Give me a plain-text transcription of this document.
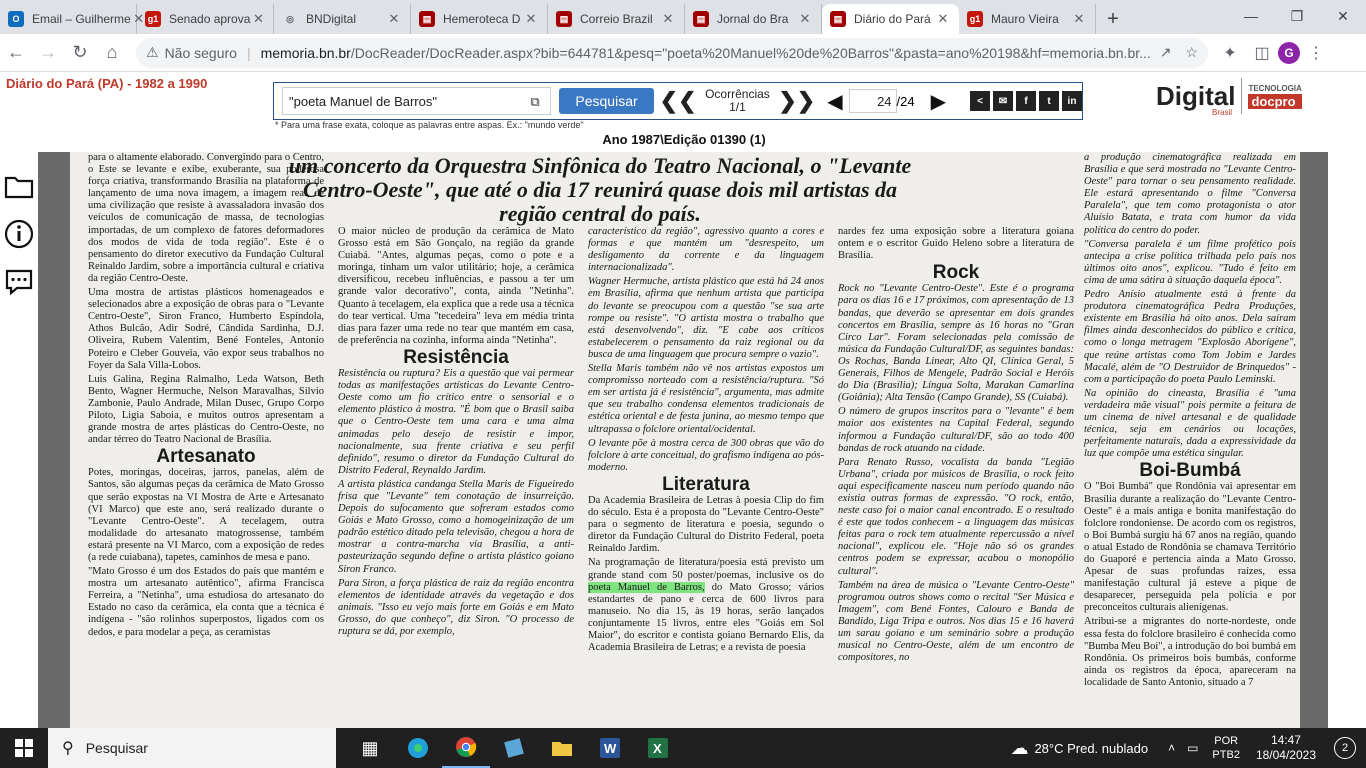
O	Email – Guilherme ✕ g1 Senado aprova ✕	◎	BNDigital	✕	▤ Hemeroteca D ✕	▤ Correio Brazil ✕	▤ Jornal do Bra ✕	▤ Diário do Pará ✕	g1 Mauro Vieira	✕	+	—	❐	✕
← → ↻	⌂	⚠ Não seguro | memoria.bn.br/DocReader/DocReader.aspx?bib=644781&pesq="poeta%20Manuel%20de%20Barros"&pasta=ano%20198&hf=memoria.bn.br... ↗ ☆	✦	◫	G ⋮
Diário do Pará (PA) - 1982 a 1990
"poeta Manuel de Barros"	⧉	Pesquisar	❮❮ Ocorrências
1/1	❯❯ ◀	24 /24 ▶	<	✉	f	t	in
* Para uma frase exata, coloque as palavras entre aspas. Ex.: "mundo verde"
Digital
Brasil
TECNOLOGIA
docpro
Ano 1987\Edição 01390 (1)
um concerto da Orquestra Sinfônica do Teatro Nacional, o "Levante Centro-Oeste", que até o dia 17 reunirá quase dois mil artistas da região central do país.

para o altamente elaborado. Convergindo para o Centro, o Este se levante e exibe, exuberante, sua poderosa força criativa, transformando Brasília na plataforma de lançamento de uma nova imagem, a imagem real, de uma civilização que resiste à avassaladora invasão dos veículos de comunicação de massa, de tecnologias importadas, de um complexo de fatores deformadores dos modos de vida de toda região". Este é o pensamento do diretor executivo da Fundação Cultural Reinaldo Jardim, sobre a importância cultural e criativa da região Centro-Oeste.

Uma mostra de artistas plásticos homenageados e selecionados abre a exposição de obras para o "Levante Centro-Oeste", Siron Franco, Humberto Espíndola, Athos Bulcão, Adir Sodré, Cândida Sardinha, D.J. Oliveira, Rubem Valentim, Bené Fonteles, Antonio Poteiro e Cleber Gouveia, vão expor seus trabalhos no Foyer da Sala Villa-Lobos.

Luis Galina, Regina Ralmalho, Leda Watson, Beth Bento, Wagner Hermuche, Nelson Maravalhas, Silvio Zambonie, Paulo Andrade, Milan Dusec, Grupo Corpo Piloto, Ligia Saboia, e muitos outros apresentam a grande mostra de artes plásticas do Centro-Oeste, no andar térreo do Teatro Nacional de Brasília.

Artesanato

Potes, moringas, doceiras, jarros, panelas, além de Santos, são algumas peças da cerâmica de Mato Grosso que serão expostas na VI Mostra de Arte e Artesanato (VI Marco) que este ano, será realizado durante o "Levante Centro-Oeste". A tecelagem, outra modalidade do artesanato matogrossense, também estará presente na VI Marco, com a exposição de redes (a rede cuiabana), tapetes, caminhos de mesa e pano.

"Mato Grosso é um dos Estados do país que mantém e mostra um artesanato autêntico", afirma Francisca Ferreira, a "Netinha", uma estudiosa do artesanato do Estado no caso da cerâmica, ela conta que a técnica é indígena - "são rolinhos superpostos, ligados com os dedos, e para modelar a peça, as ceramistas

O maior núcleo de produção da cerâmica de Mato Grosso está em São Gonçalo, na região da grande Cuiabá. "Antes, algumas peças, como o pote e a moringa, tinham um valor utilitário; hoje, a cerâmica diversificou, recebeu influências, e passou a ter um grande valor decorativo", conta, ainda "Netinha". Quanto à tecelagem, ela explica que a rede usa a técnica do tear vertical. Uma "tecedeira" leva em média trinta dias para fazer uma rede no tear que mantém em casa, de preferência na cozinha, informa ainda "Netinha".

Resistência

Resistência ou ruptura? Eis a questão que vai permear todas as manifestações artísticas do Levante Centro-Oeste como um fio crítico entre o sensorial e o elemento plástico à mostra. "É bom que o Brasil saiba que o Centro-Oeste tem uma cara e uma alma animadas pelo desejo de resistir e impor, nacionalmente, sua frente criativa e seu perfil definido", resumo o diretor da Fundação Cultural do Distrito Federal, Reynaldo Jardim.

A artista plástica candanga Stella Maris de Figueiredo frisa que "Levante" tem conotação de insurreição. Depois do sufocamento que sofreram estados como Goiás e Mato Grosso, como a homogeinização de um padrão estético ditado pela televisão, chegou a hora de mostrar a contra-marcha via Brasília, a anti-pasteurização segundo define o artista plástico goiano Siron Franco.

Para Siron, a força plástica de raiz da região encontra elementos de identidade através da vegetação e dos animais. "Isso eu vejo mais forte em Goiás e em Mato Grosso, do que conheço", diz Siron. "O processo de ruptura se dá, por exemplo,

característico da região", agressivo quanto a cores e formas e que mantém um "desrespeito, um desligamento da corrente e da linguagem internacionalizada".

Wagner Hermuche, artista plástico que está há 24 anos em Brasília, afirma que nenhum artista que participa do levante se preocupou com a questão "se sua arte rompe ou resiste". "O artista mostra o trabalho que está desenvolvendo", diz. "E cabe aos críticos estabelecerem o pensamento da raiz regional ou da busca de uma linguagem que procura sempre o vazio".

Stella Maris também não vê nos artistas expostos um compromisso norteado com a resistência/ruptura. "Só em ser artista já é resistência", argumenta, mas admite que seu trabalho condensa elementos tradicionais de estética oriental e de festa junina, ao mesmo tempo que ultrapassa o folclore oriental/ocidental.

O levante põe à mostra cerca de 300 obras que vão do folclore à arte conceitual, do grafismo indígena ao pós-moderno.

Literatura

Da Academia Brasileira de Letras à poesia Clip do fim do século. Esta é a proposta do "Levante Centro-Oeste" para o segmento de literatura e poesia, segundo o diretor da Fundação Cultural do Distrito Federal, poeta Reinaldo Jardim.

Na programação de literatura/poesia está previsto um grande stand com 50 poster/poemas, inclusive os do poeta Manuel de Barros, do Mato Grosso; vários estandartes de pano e cerca de 600 livros para manuseio. No dia 15, às 19 horas, serão lançados conjuntamente 15 livros, entre eles "Goiás em Sol Maior", do escritor e contista goiano Bernardo Elis, da Academia Brasileira de Letras; e a revista de poesia

nardes fez uma exposição sobre a literatura goiana ontem e o escritor Guido Heleno sobre a literatura de Brasília.

Rock

Rock no "Levante Centro-Oeste". Este é o programa para os dias 16 e 17 próximos, com apresentação de 13 bandas, que deverão se apresentar em dois grandes concertos em Brasília, sempre às 16 horas no "Gran Circo Lar". Foram selecionadas pela comissão de música da Fundação Cultural/DF, as seguintes bandas: Os Rochas, Banda Linear, Alto QI, Clínica Geral, 5 Generais, Filhos de Mengele, Padrão Social e Heróis do Dia (Brasília); Língua Solta, Marakan Camarlina (Goiânia); Alta Tensão (Campo Grande), SS (Cuiabá).

O número de grupos inscritos para o "levante" é bem maior aos existentes na Capital Federal, segundo informou a Fundação cultural/DF, são ao todo 400 bandas de rock atuando na cidade.

Para Renato Russo, vocalista da banda "Legião Urbana", criada por músicos de Brasília, o rock feito aqui especificamente nasceu num período quando não existia outras formas de expressão. "O rock, então, neste caso foi o maior canal encontrado. E o resultado é este que todos conhecem - a linguagem das músicas feitas para o rock tem atualmente repercussão a nível nacional", explicou ele. "Hoje não só os grandes centros podem se expressar, acabou o monopólio cultural".

Também na área de música o "Levante Centro-Oeste" programou outros shows como o recital "Ser Música e Imagem", com Bené Fontes, Calouro e Banda de Bandido, Liga Tripa e outros. Nos dias 15 e 16 haverá um sarau goiano e um seminário sobre a produção musical no Centro-Oeste, além de um encontro de compositores, no

a produção cinematográfica realizada em Brasília e que será mostrada no "Levante Centro-Oeste" para tornar o seu pensamento realidade. Ele estará apresentando o filme "Conversa Paralela", que tem como protagonista o ator Aluísio Batata, e trata com humor da vida política do centro do poder.

"Conversa paralela é um filme profético pois antecipa a crise política trilhada pelo país nos últimos oito anos", explicou. "Tudo é feito em cima de uma sátira à situação daquela época".

Pedro Anísio atualmente está à frente da produtora cinematográfica Pedra Produções, existente em Brasília há oito anos. Dela saíram filmes ainda desconhecidos do público e crítica, como o longa metragem "Explosão Aborígene", que reúne artistas como Tom Jobim e Jardes Macalé, além de "O Destruidor de Brinquedos" - com a participação do poeta Paulo Leminski.

Na opinião do cineasta, Brasília é "uma verdadeira mãe visual" pois permite a feitura de um cinema de nível artesanal e de qualidade técnica, seja em cenários ou locações, perfeitamente naturais, dada a expressividade da luz que compõe uma estética singular.

Boi-Bumbá

O "Boi Bumbá" que Rondônia vai apresentar em Brasília durante a realização do "Levante Centro-Oeste" é a mais antiga e bonita manifestação do folclore rondoniense. De acordo com os registros, o Boi Bumbá surgiu há 67 anos na região, quando o atual Estado de Rondônia se chamava Território do Guaporé e pertencia ainda a Mato Grosso. Apesar de suas profundas raízes, essa manifestação cultural já esteve a pique de desaparecer, perseguida pela polícia e por preconceitos culturais alienígenas.

Atribui-se a migrantes do norte-nordeste, onde essa festa do folclore brasileiro é conhecida como "Bumba Meu Boi", a introdução do boi bumbá em Rondônia. Os primeiros bois bumbás, conforme ainda os registros da época, apareceram na localidade de Santo Antonio, situado a 7

⚲ Pesquisar	▦	W	X	☁ 28°C Pred. nublado ˄ ▭ POR
PTB2
14:47
18/04/2023	2
